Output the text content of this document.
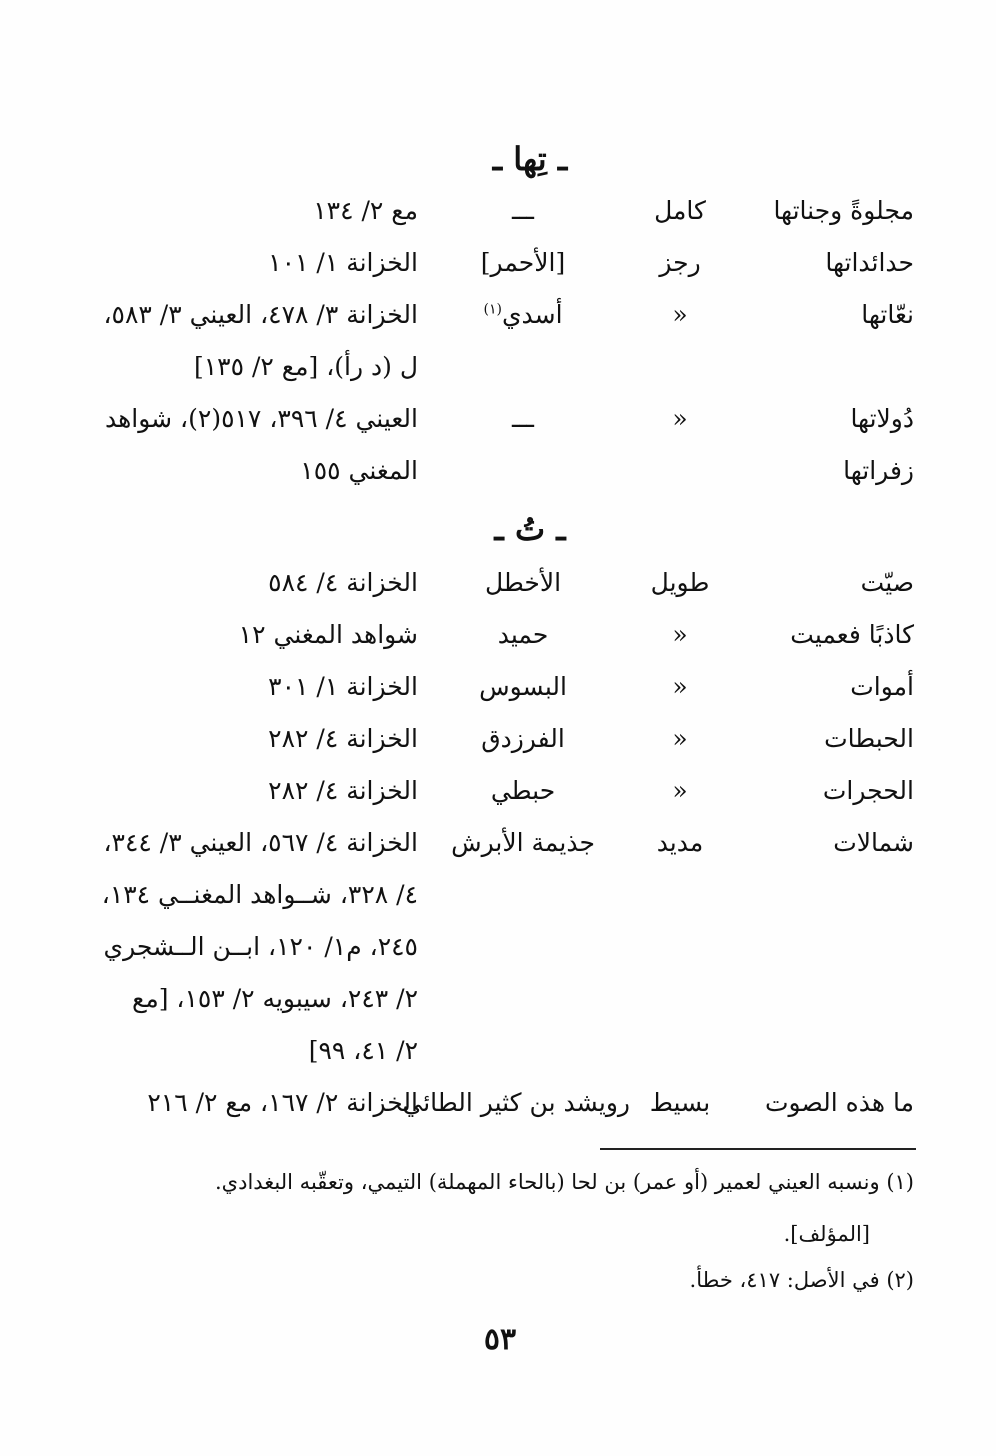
ـ تِها ـ
مجلوةً وجناتها
كامل
ـــ
مع ٢/ ١٣٤
حدائداتها
رجز
[الأحمر]
الخزانة ١/ ١٠١
نعّاتها
«
أسدي$^{(١)}$
الخزانة ٣/ ٤٧٨، العيني ٣/ ٥٨٣،
ل (د رأ)، [مع ٢/ ١٣٥]
دُولاتها
«
ـــ
العيني ٤/ ٣٩٦، ٥١٧(٢)، شواهد
زفراتها
المغني ١٥٥
ـ تُ ـ
صيّت
طويل
الأخطل
الخزانة ٤/ ٥٨٤
كاذبًا فعميت
«
حميد
شواهد المغني ١٢
أموات
«
البسوس
الخزانة ١/ ٣٠١
الحبطات
«
الفرزدق
الخزانة ٤/ ٢٨٢
الحجرات
«
حبطي
الخزانة ٤/ ٢٨٢
شمالات
مديد
جذيمة الأبرش
الخزانة ٤/ ٥٦٧، العيني ٣/ ٣٤٤،
٤/ ٣٢٨، شــواهد المغنــي ١٣٤،
٢٤٥، م١/ ١٢٠، ابــن الــشجري
٢/ ٢٤٣، سيبويه ٢/ ١٥٣، [مع
٢/ ٤١، ٩٩]
ما هذه الصوت
بسيط
رويشد بن كثير الطائي
الخزانة ٢/ ١٦٧، مع ٢/ ٢١٦
(١) ونسبه العيني لعمير (أو عمر) بن لحا (بالحاء المهملة) التيمي، وتعقّبه البغدادي.
[المؤلف].
(٢) في الأصل: ٤١٧، خطأ.
٥٣
